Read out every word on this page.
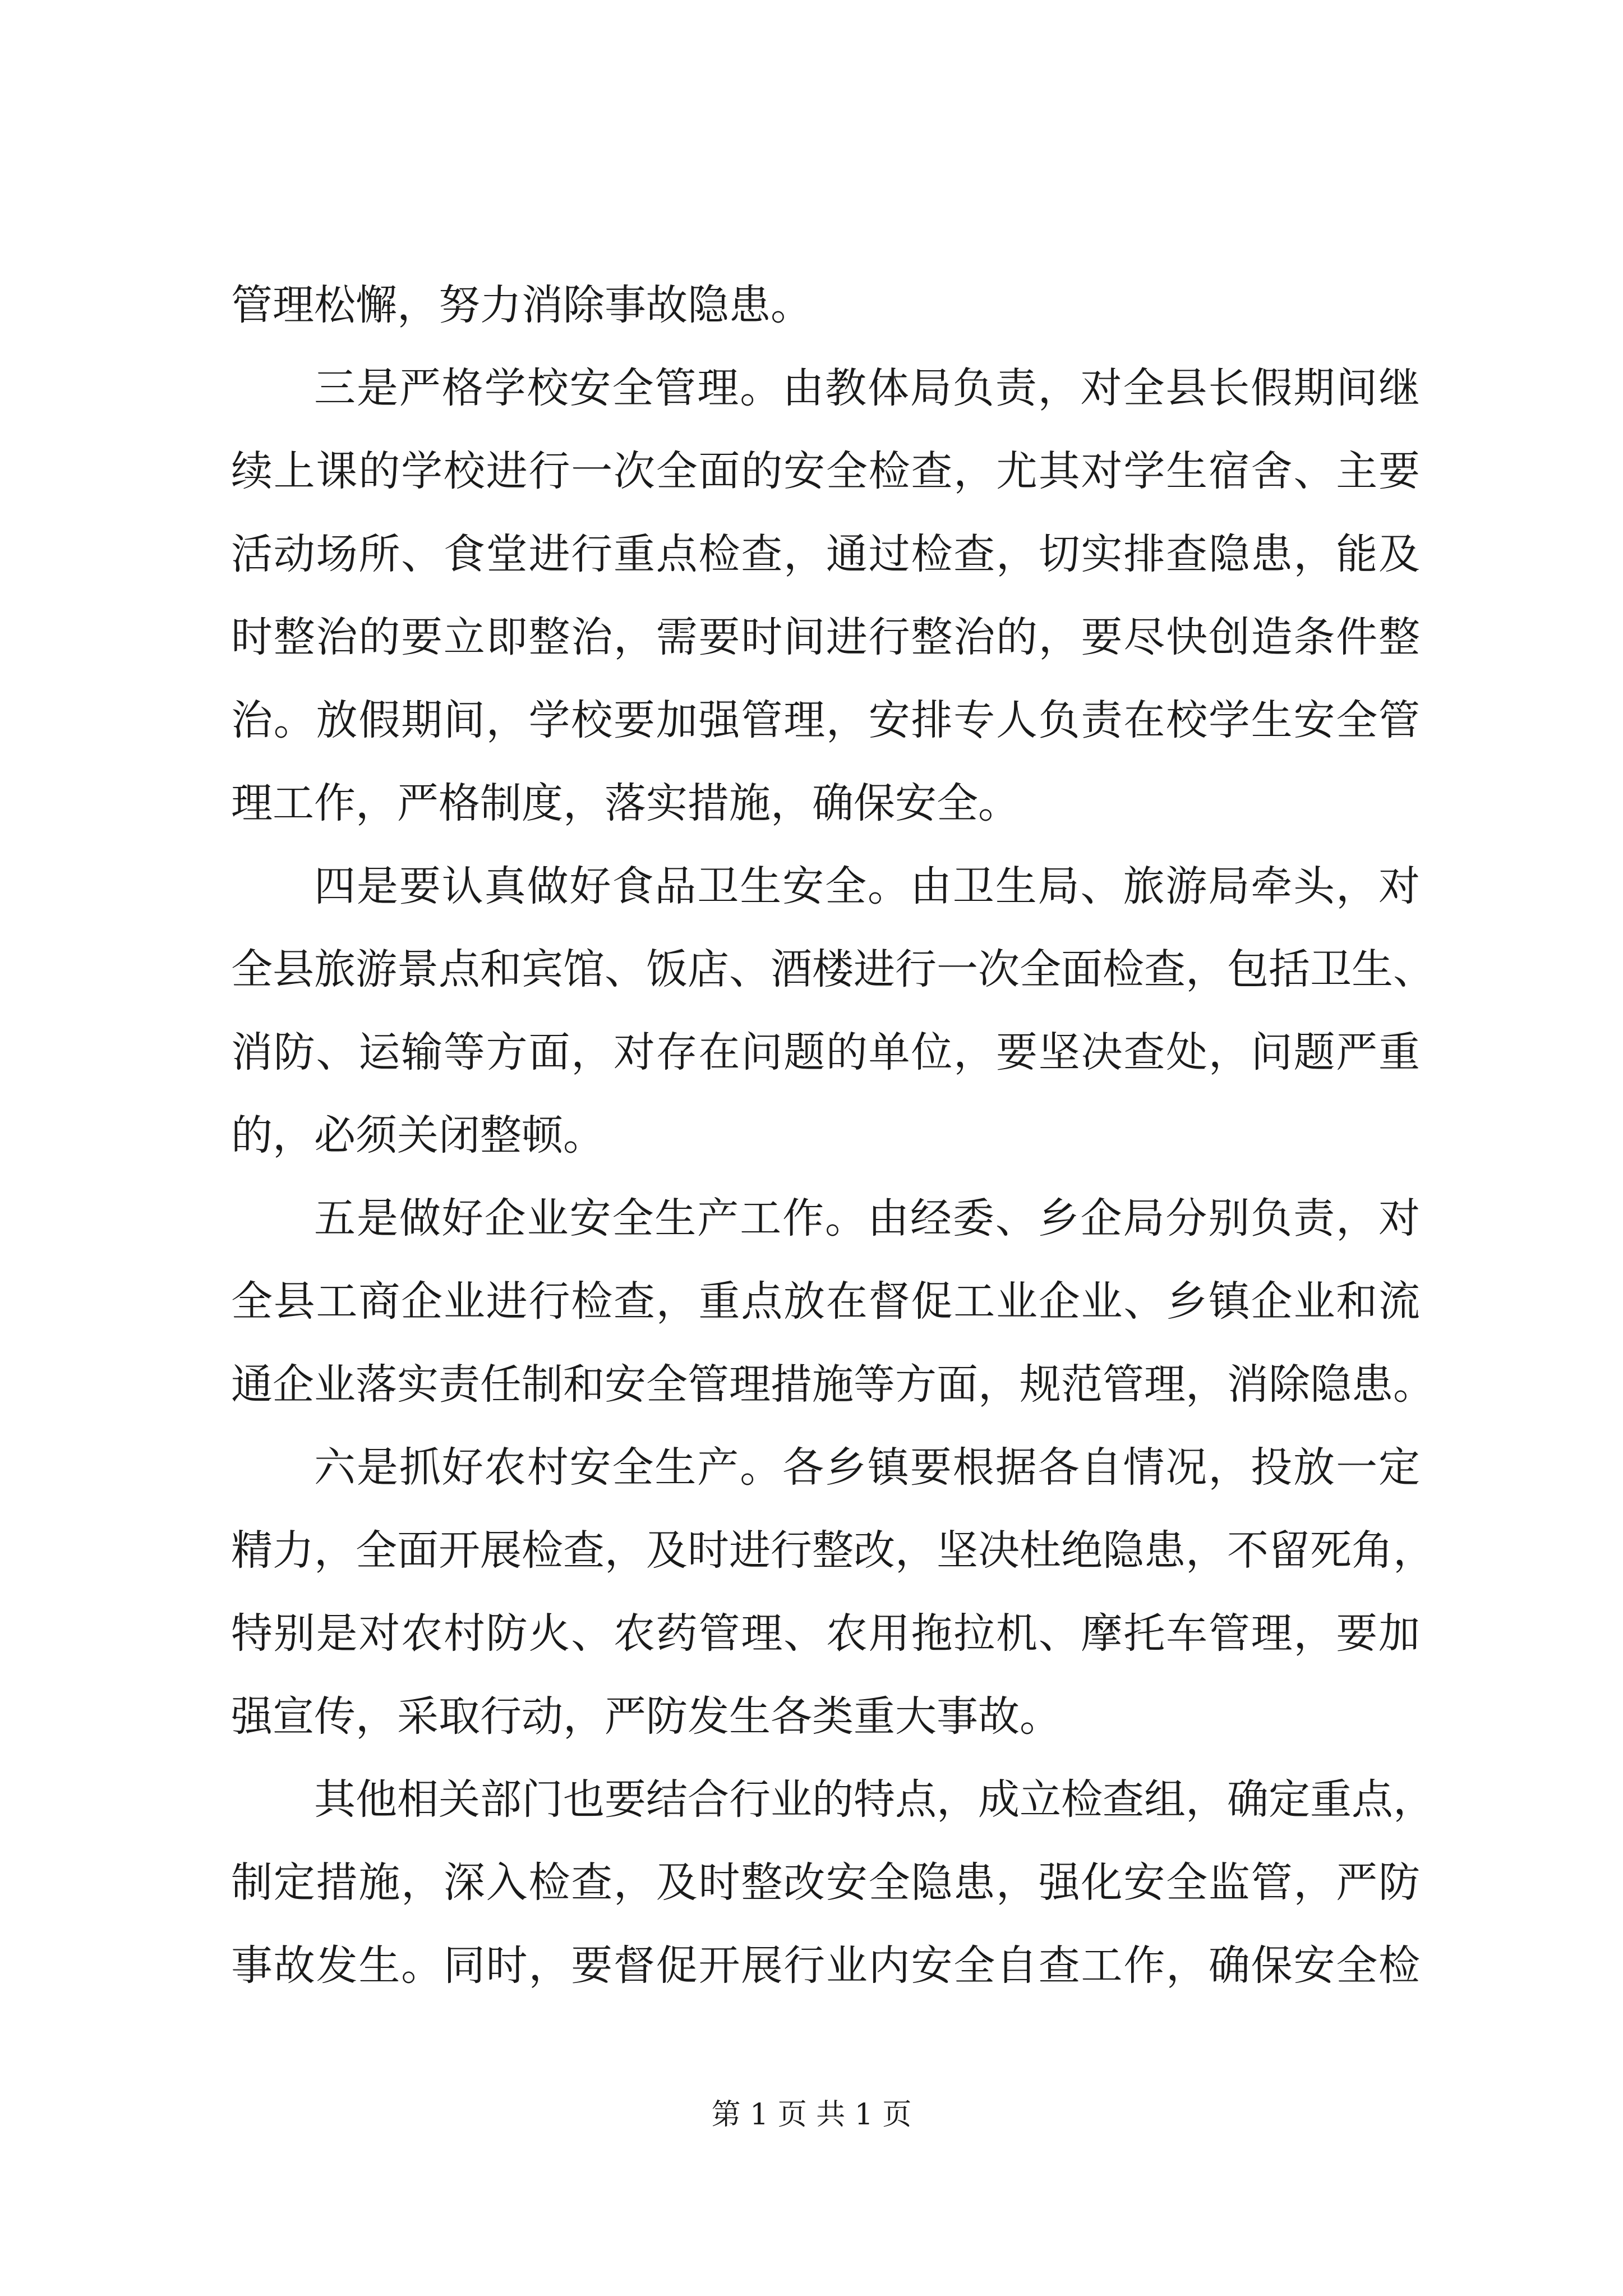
管理松懈，努力消除事故隐患。
三是严格学校安全管理。由教体局负责，对全县长假期间继
续上课的学校进行一次全面的安全检查，尤其对学生宿舍、主要
活动场所、食堂进行重点检查，通过检查，切实排查隐患，能及
时整治的要立即整治，需要时间进行整治的，要尽快创造条件整
治。放假期间，学校要加强管理，安排专人负责在校学生安全管
理工作，严格制度，落实措施，确保安全。
四是要认真做好食品卫生安全。由卫生局、旅游局牵头，对
全县旅游景点和宾馆、饭店、酒楼进行一次全面检查，包括卫生、
消防、运输等方面，对存在问题的单位，要坚决查处，问题严重
的，必须关闭整顿。
五是做好企业安全生产工作。由经委、乡企局分别负责，对
全县工商企业进行检查，重点放在督促工业企业、乡镇企业和流
通企业落实责任制和安全管理措施等方面，规范管理，消除隐患。
六是抓好农村安全生产。各乡镇要根据各自情况，投放一定
精力，全面开展检查，及时进行整改，坚决杜绝隐患，不留死角，
特别是对农村防火、农药管理、农用拖拉机、摩托车管理，要加
强宣传，采取行动，严防发生各类重大事故。
其他相关部门也要结合行业的特点，成立检查组，确定重点，
制定措施，深入检查，及时整改安全隐患，强化安全监管，严防
事故发生。同时，要督促开展行业内安全自查工作，确保安全检
第 1 页 共 1 页
